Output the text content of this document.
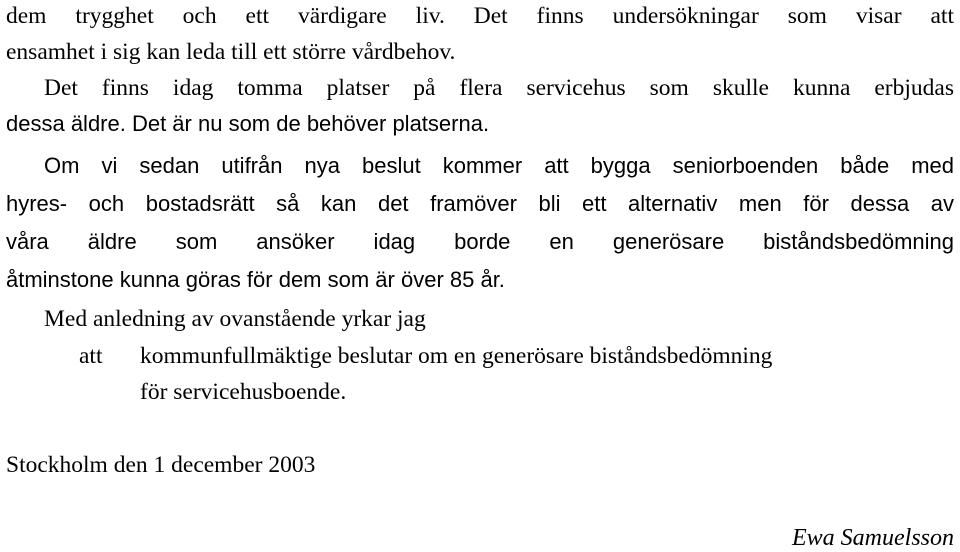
dem trygghet och ett värdigare liv. Det finns undersökningar som visar att
ensamhet i sig kan leda till ett större vårdbehov.
Det finns idag tomma platser på flera servicehus som skulle kunna erbjudas
dessa äldre. Det är nu som de behöver platserna.
Om vi sedan utifrån nya beslut kommer att bygga seniorboenden både med
hyres- och bostadsrätt så kan det framöver bli ett alternativ men för dessa av
våra äldre som ansöker idag borde en generösare biståndsbedömning
åtminstone kunna göras för dem som är över 85 år.
Med anledning av ovanstående yrkar jag
att kommunfullmäktige beslutar om en generösare biståndsbedömning
för servicehusboende.
Stockholm den 1 december 2003
Ewa Samuelsson
